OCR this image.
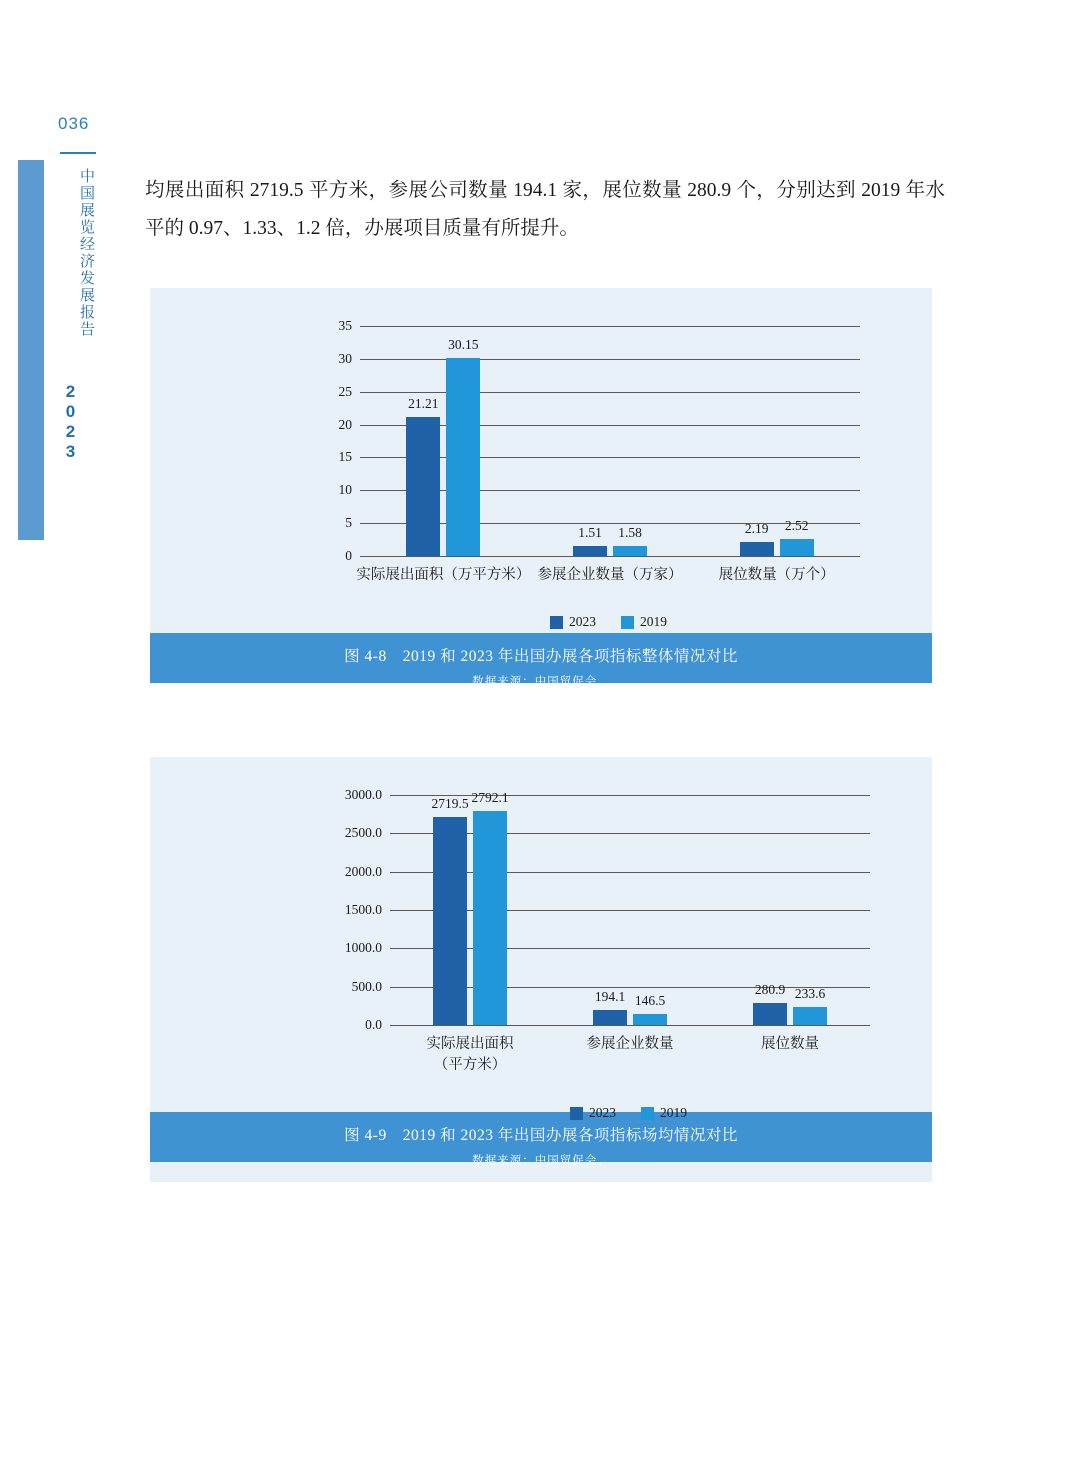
036
中国展览经济发展报告
2023
均展出面积 2719.5 平方米，参展公司数量 194.1 家，展位数量 280.9 个，分别达到 2019 年水平的 0.97、1.33、1.2 倍，办展项目质量有所提升。
0
5
10
15
20
25
30
35
21.21
30.15
实际展出面积（万平方米）
1.51 1.58
参展企业数量（万家）
2.19 2.52
展位数量（万个）
2023	2019
图 4-8　2019 和 2023 年出国办展各项指标整体情况对比
数据来源：中国贸促会。
0.0
500.0
1000.0
1500.0
2000.0
2500.0
3000.0
2719.5 2792.1
实际展出面积
（平方米）
194.1 146.5
参展企业数量
280.9 233.6
展位数量
2023	2019
图 4-9　2019 和 2023 年出国办展各项指标场均情况对比
数据来源：中国贸促会。
